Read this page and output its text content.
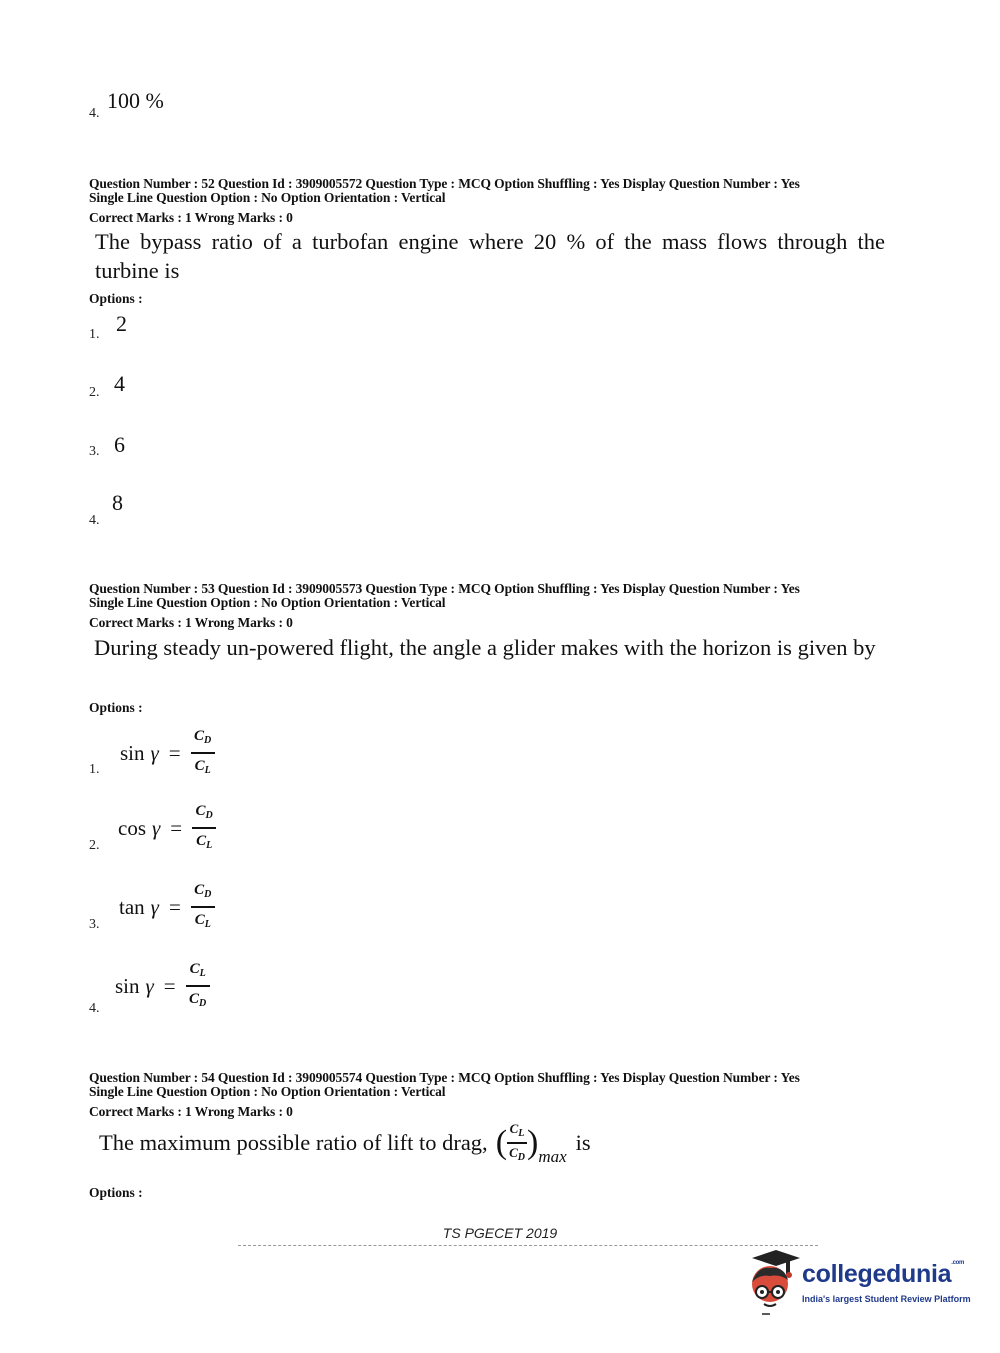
4.
100 %
Question Number : 52 Question Id : 3909005572 Question Type : MCQ Option Shuffling : Yes Display Question Number : Yes
Single Line Question Option : No Option Orientation : Vertical
Correct Marks : 1 Wrong Marks : 0
The bypass ratio of a turbofan engine where 20 % of the mass flows through the turbine is
Options :
1. 2
2. 4
3. 6
4.
8
Question Number : 53 Question Id : 3909005573 Question Type : MCQ Option Shuffling : Yes Display Question Number : Yes
Single Line Question Option : No Option Orientation : Vertical
Correct Marks : 1 Wrong Marks : 0
During steady un-powered flight, the angle a glider makes with the horizon is given by
Options :
1.
$\sin \gamma = \frac{C_D}{C_L}$
2.
$\cos \gamma = \frac{C_D}{C_L}$
3.
$\tan \gamma = \frac{C_D}{C_L}$
4.
$\sin \gamma = \frac{C_L}{C_D}$
Question Number : 54 Question Id : 3909005574 Question Type : MCQ Option Shuffling : Yes Display Question Number : Yes
Single Line Question Option : No Option Orientation : Vertical
Correct Marks : 1 Wrong Marks : 0
The maximum possible ratio of lift to drag, ( $\frac{C_L}{C_D}$ ) max
is
Options :
TS PGECET 2019
collegedunia$^{.com}$
India's largest Student Review Platform
